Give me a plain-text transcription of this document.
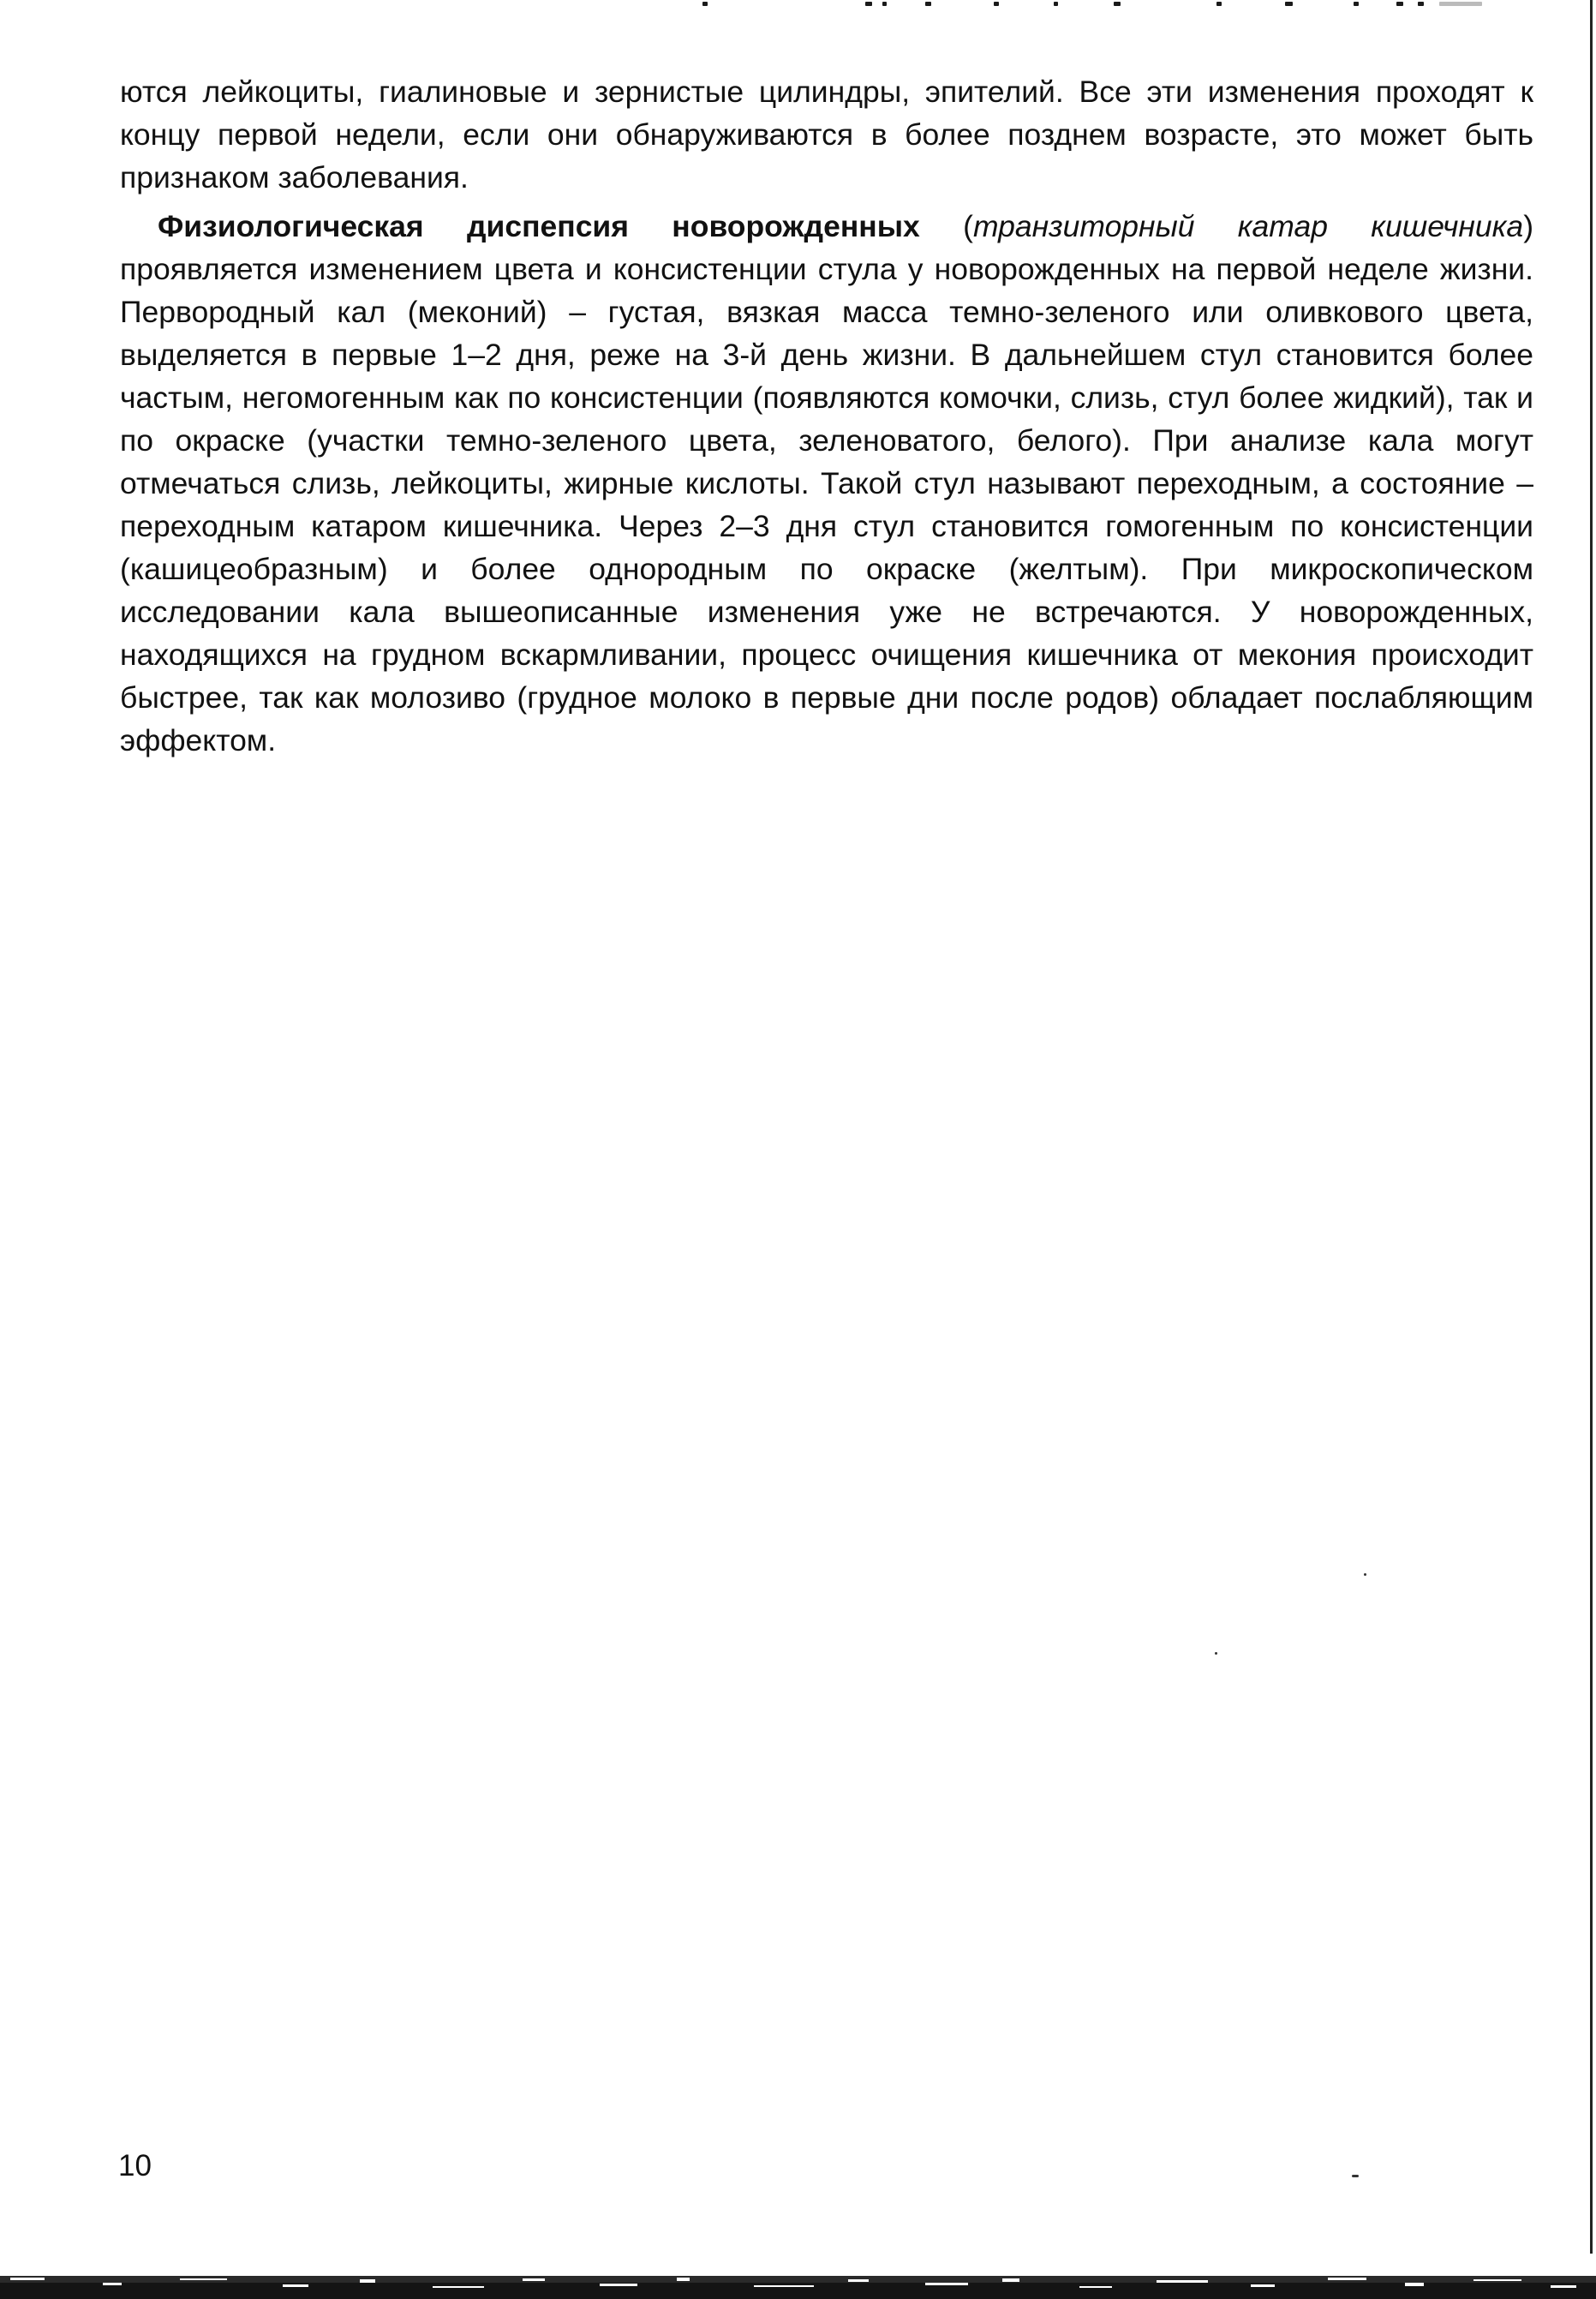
ются лейкоциты, гиалиновые и зернистые цилиндры, эпителий. Все эти изменения проходят к концу первой недели, если они обнаруживаются в более позднем возрасте, это может быть признаком заболевания.

Физиологическая диспепсия новорожденных (транзиторный катар кишечника) проявляется изменением цвета и консистенции стула у новорожденных на первой неделе жизни. Первородный кал (меконий) – густая, вязкая масса темно-зеленого или оливкового цвета, выделяется в первые 1–2 дня, реже на 3-й день жизни. В дальнейшем стул становится более частым, негомогенным как по консистенции (появляются комочки, слизь, стул более жидкий), так и по окраске (участки темно-зеленого цвета, зеленоватого, белого). При анализе кала могут отмечаться слизь, лейкоциты, жирные кислоты. Такой стул называют переходным, а состояние – переходным катаром кишечника. Через 2–3 дня стул становится гомогенным по консистенции (кашицеобразным) и более однородным по окраске (желтым). При микроскопическом исследовании кала вышеописанные изменения уже не встречаются. У новорожденных, находящихся на грудном вскармливании, процесс очищения кишечника от мекония происходит быстрее, так как молозиво (грудное молоко в первые дни после родов) обладает послабляющим эффектом.

10
